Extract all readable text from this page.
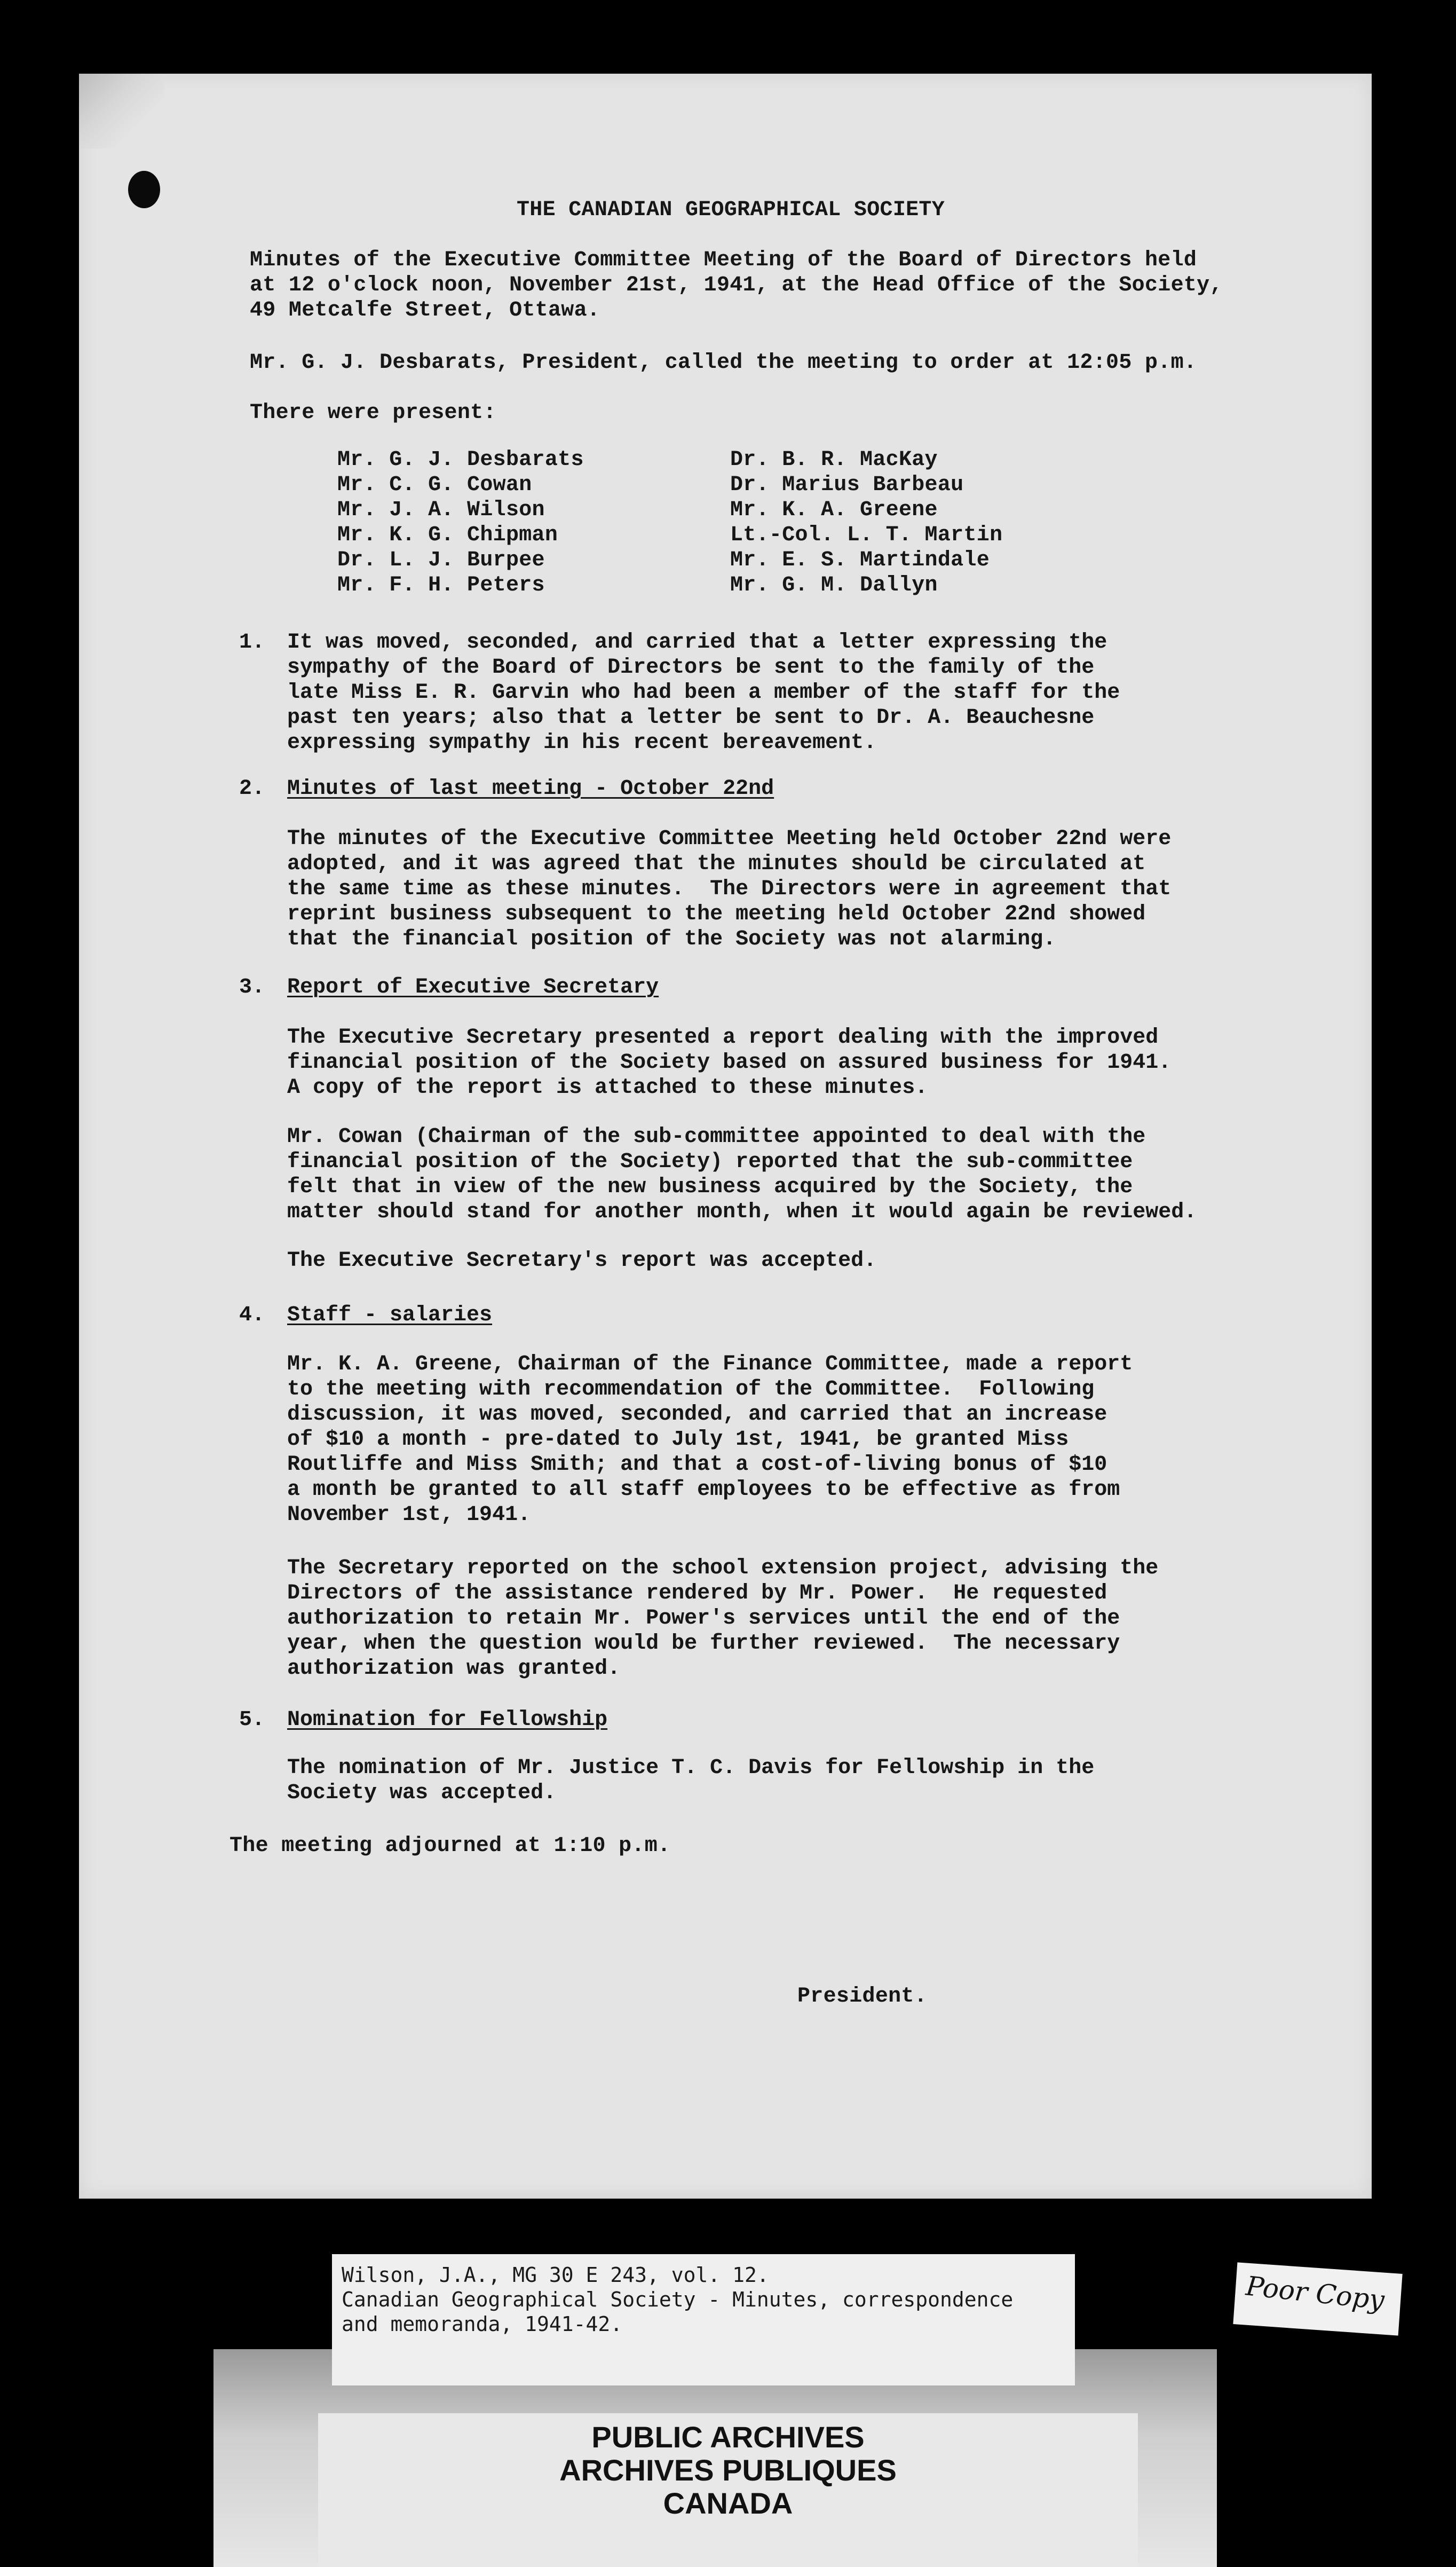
THE CANADIAN GEOGRAPHICAL SOCIETY
Minutes of the Executive Committee Meeting of the Board of Directors held
at 12 o'clock noon, November 21st, 1941, at the Head Office of the Society,
49 Metcalfe Street, Ottawa.
Mr. G. J. Desbarats, President, called the meeting to order at 12:05 p.m.
There were present:
Mr. G. J. Desbarats
Mr. C. G. Cowan
Mr. J. A. Wilson
Mr. K. G. Chipman
Dr. L. J. Burpee
Mr. F. H. Peters
Dr. B. R. MacKay
Dr. Marius Barbeau
Mr. K. A. Greene
Lt.-Col. L. T. Martin
Mr. E. S. Martindale
Mr. G. M. Dallyn
1. It was moved, seconded, and carried that a letter expressing the
sympathy of the Board of Directors be sent to the family of the
late Miss E. R. Garvin who had been a member of the staff for the
past ten years; also that a letter be sent to Dr. A. Beauchesne
expressing sympathy in his recent bereavement.
2. Minutes of last meeting - October 22nd
The minutes of the Executive Committee Meeting held October 22nd were
adopted, and it was agreed that the minutes should be circulated at
the same time as these minutes.  The Directors were in agreement that
reprint business subsequent to the meeting held October 22nd showed
that the financial position of the Society was not alarming.
3. Report of Executive Secretary
The Executive Secretary presented a report dealing with the improved
financial position of the Society based on assured business for 1941.
A copy of the report is attached to these minutes.
Mr. Cowan (Chairman of the sub-committee appointed to deal with the
financial position of the Society) reported that the sub-committee
felt that in view of the new business acquired by the Society, the
matter should stand for another month, when it would again be reviewed.
The Executive Secretary's report was accepted.
4. Staff - salaries
Mr. K. A. Greene, Chairman of the Finance Committee, made a report
to the meeting with recommendation of the Committee.  Following
discussion, it was moved, seconded, and carried that an increase
of $10 a month - pre-dated to July 1st, 1941, be granted Miss
Routliffe and Miss Smith; and that a cost-of-living bonus of $10
a month be granted to all staff employees to be effective as from
November 1st, 1941.
The Secretary reported on the school extension project, advising the
Directors of the assistance rendered by Mr. Power.  He requested
authorization to retain Mr. Power's services until the end of the
year, when the question would be further reviewed.  The necessary
authorization was granted.
5. Nomination for Fellowship
The nomination of Mr. Justice T. C. Davis for Fellowship in the
Society was accepted.
The meeting adjourned at 1:10 p.m.
President.
Wilson, J.A., MG 30 E 243, vol. 12.
Canadian Geographical Society - Minutes, correspondence
and memoranda, 1941-42.
PUBLIC ARCHIVES
ARCHIVES PUBLIQUES
CANADA
Poor Copy
